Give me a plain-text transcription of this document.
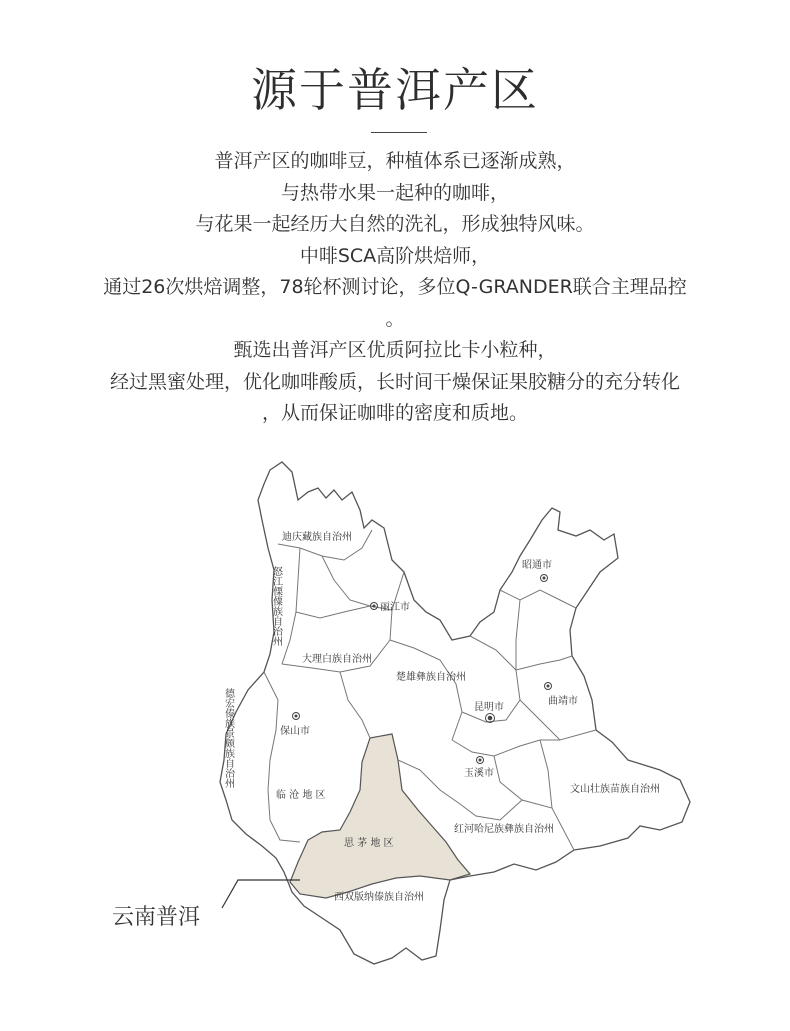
源于普洱产区
普洱产区的咖啡豆，种植体系已逐渐成熟，
与热带水果一起种的咖啡，
与花果一起经历大自然的洗礼，形成独特风味。
中啡SCA高阶烘焙师，
通过26次烘焙调整，78轮杯测讨论，多位Q-GRANDER联合主理品控
。
甄选出普洱产区优质阿拉比卡小粒种，
经过黑蜜处理，优化咖啡酸质，长时间干燥保证果胶糖分的充分转化
，从而保证咖啡的密度和质地。
迪庆藏族自治州
丽江市
大理白族自治州
楚雄彝族自治州
保山市
昭通市
曲靖市
昆明市
玉溪市
临 沧 地 区
文山壮族苗族自治州
红河哈尼族彝族自治州
思 茅 地 区
西双版纳傣族自治州
怒江傈僳族自治州
德宏傣族景颇族自治州
云南普洱
